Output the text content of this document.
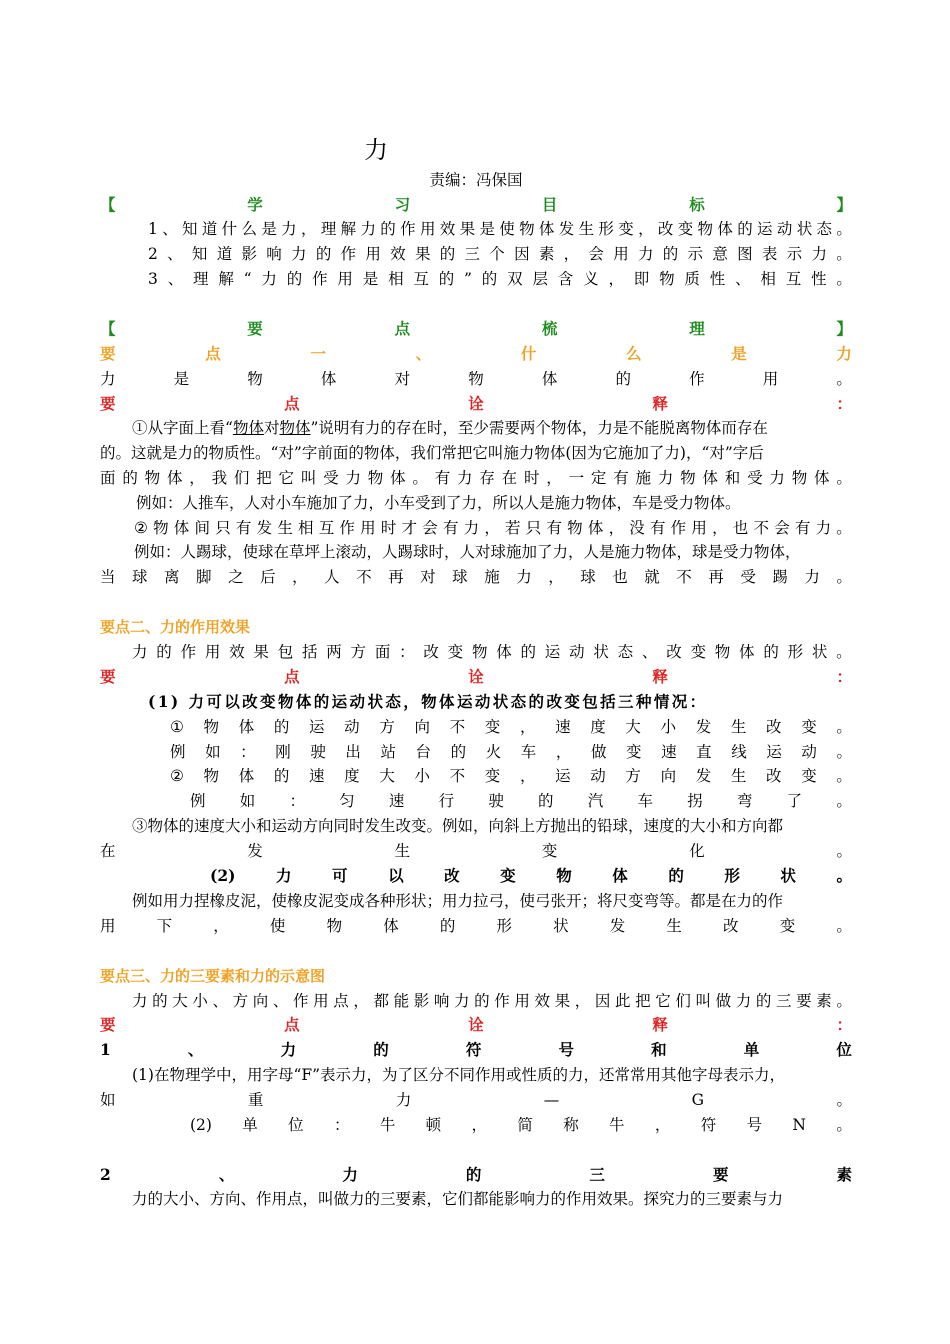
力
责编：冯保国
【	学	习	目	标	】
1 、 知 道 什 么 是 力 ， 理 解 力 的 作 用 效 果 是 使 物 体 发 生 形 变 ， 改 变 物 体 的 运 动 状 态 。
2 、 知 道 影 响 力 的 作 用 效 果 的 三 个 因 素 ， 会 用 力 的 示 意 图 表 示 力 。
3 、 理 解 “ 力 的 作 用 是 相 互 的 ” 的 双 层 含 义 ， 即 物 质 性 、 相 互 性 。
【	要	点	梳	理	】
要	点	一	、	什	么	是	力
力	是	物	体	对	物	体	的	作	用	。
要	点	诠	释	：
①从字面上看“物体对物体”说明有力的存在时，至少需要两个物体，力是不能脱离物体而存在
的。这就是力的物质性。“对”字前面的物体，我们常把它叫施力物体(因为它施加了力)，“对”字后
面 的 物 体 ， 我 们 把 它 叫 受 力 物 体 。 有 力 存 在 时 ， 一 定 有 施 力 物 体 和 受 力 物 体 。
例如：人推车，人对小车施加了力，小车受到了力，所以人是施力物体，车是受力物体。
② 物 体 间 只 有 发 生 相 互 作 用 时 才 会 有 力 ， 若 只 有 物 体 ， 没 有 作 用 ， 也 不 会 有 力 。
例如：人踢球，使球在草坪上滚动，人踢球时，人对球施加了力，人是施力物体，球是受力物体，
当 球 离 脚 之 后 ， 人 不 再 对 球 施 力 ， 球 也 就 不 再 受 踢 力 。
要点二、力的作用效果
力 的 作 用 效 果 包 括 两 方 面 ： 改 变 物 体 的 运 动 状 态 、 改 变 物 体 的 形 状 。
要	点	诠	释	：
(1) 力可以改变物体的运动状态，物体运动状态的改变包括三种情况：
① 物 体 的 运 动 方 向 不 变 ， 速 度 大 小 发 生 改 变 。
例 如 ： 刚 驶 出 站 台 的 火 车 ， 做 变 速 直 线 运 动 。
② 物 体 的 速 度 大 小 不 变 ， 运 动 方 向 发 生 改 变 。
例 如 ： 匀 速 行 驶 的 汽 车 拐 弯 了 。
③物体的速度大小和运动方向同时发生改变。例如，向斜上方抛出的铅球，速度的大小和方向都
在	发	生	变	化	。
(2)	力	可	以	改	变	物	体	的	形	状	。
例如用力捏橡皮泥，使橡皮泥变成各种形状；用力拉弓，使弓张开；将尺变弯等。都是在力的作
用	下	，	使	物	体	的	形	状	发	生	改	变	。
要点三、力的三要素和力的示意图
力 的 大 小 、 方 向 、 作 用 点 ， 都 能 影 响 力 的 作 用 效 果 ， 因 此 把 它 们 叫 做 力 的 三 要 素 。
要	点	诠	释	：
1	、	力	的	符	号	和	单	位
(1)在物理学中，用字母“F”表示力，为了区分不同作用或性质的力，还常常用其他字母表示力，
如	重	力	—	G	。
(2) 单 位 ： 牛 顿 ， 简 称 牛 ， 符 号 N 。
2	、	力	的	三	要	素
力的大小、方向、作用点，叫做力的三要素，它们都能影响力的作用效果。探究力的三要素与力
